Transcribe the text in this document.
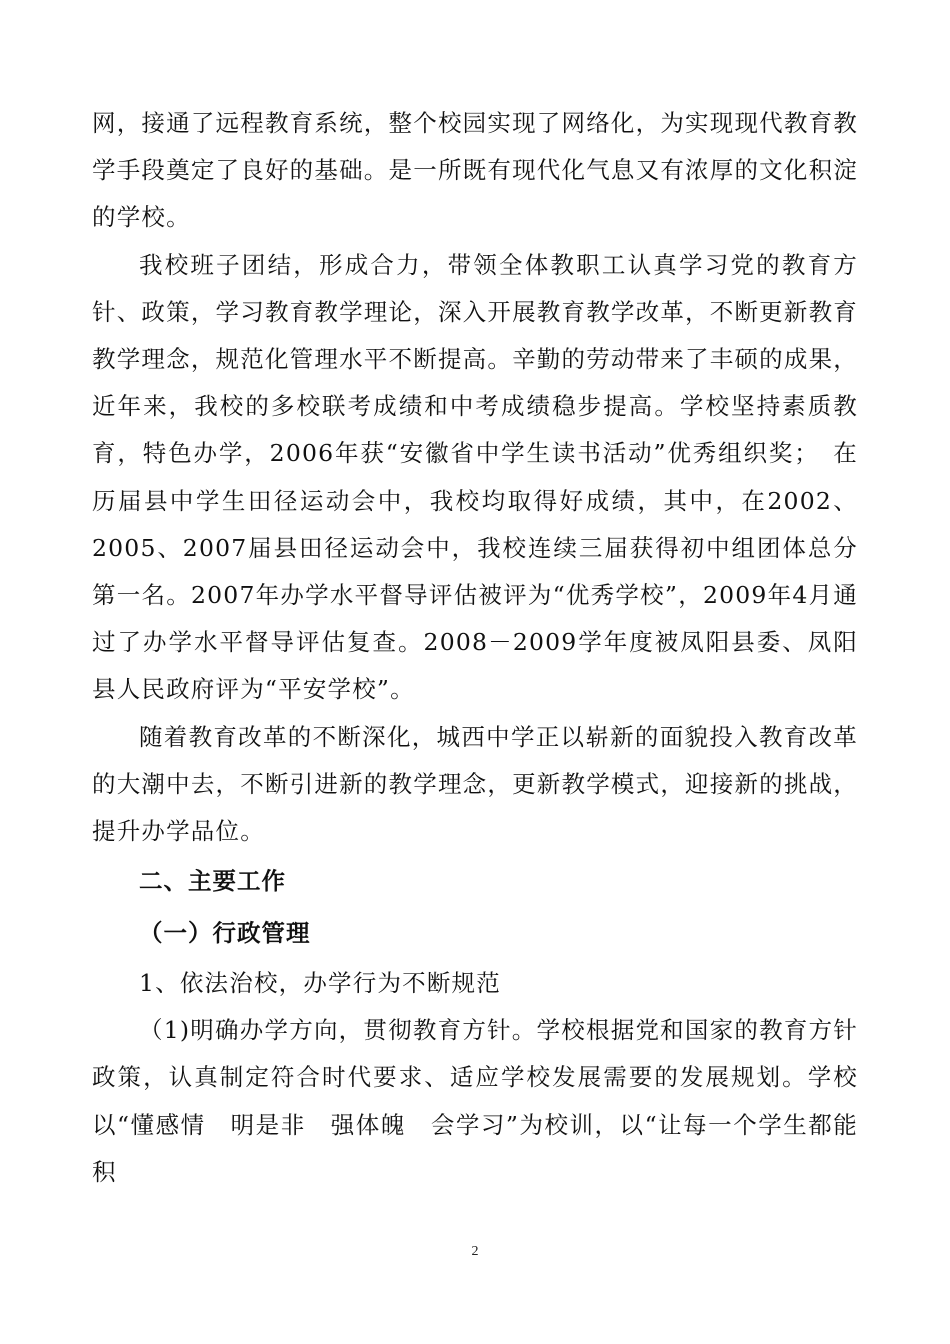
网，接通了远程教育系统，整个校园实现了网络化，为实现现代教育教学手段奠定了良好的基础。是一所既有现代化气息又有浓厚的文化积淀的学校。

我校班子团结，形成合力，带领全体教职工认真学习党的教育方针、政策，学习教育教学理论，深入开展教育教学改革，不断更新教育教学理念，规范化管理水平不断提高。辛勤的劳动带来了丰硕的成果，近年来，我校的多校联考成绩和中考成绩稳步提高。学校坚持素质教育，特色办学，2006年获“安徽省中学生读书活动”优秀组织奖；　在历届县中学生田径运动会中，我校均取得好成绩，其中，在2002、2005、2007届县田径运动会中，我校连续三届获得初中组团体总分第一名。2007年办学水平督导评估被评为“优秀学校”，2009年4月通过了办学水平督导评估复查。2008－2009学年度被凤阳县委、凤阳县人民政府评为“平安学校”。

随着教育改革的不断深化，城西中学正以崭新的面貌投入教育改革的大潮中去，不断引进新的教学理念，更新教学模式，迎接新的挑战，提升办学品位。

二、主要工作

（一）行政管理

1、依法治校，办学行为不断规范

（1)明确办学方向，贯彻教育方针。学校根据党和国家的教育方针政策，认真制定符合时代要求、适应学校发展需要的发展规划。学校以“懂感情　明是非　强体魄　会学习”为校训，以“让每一个学生都能积

2
